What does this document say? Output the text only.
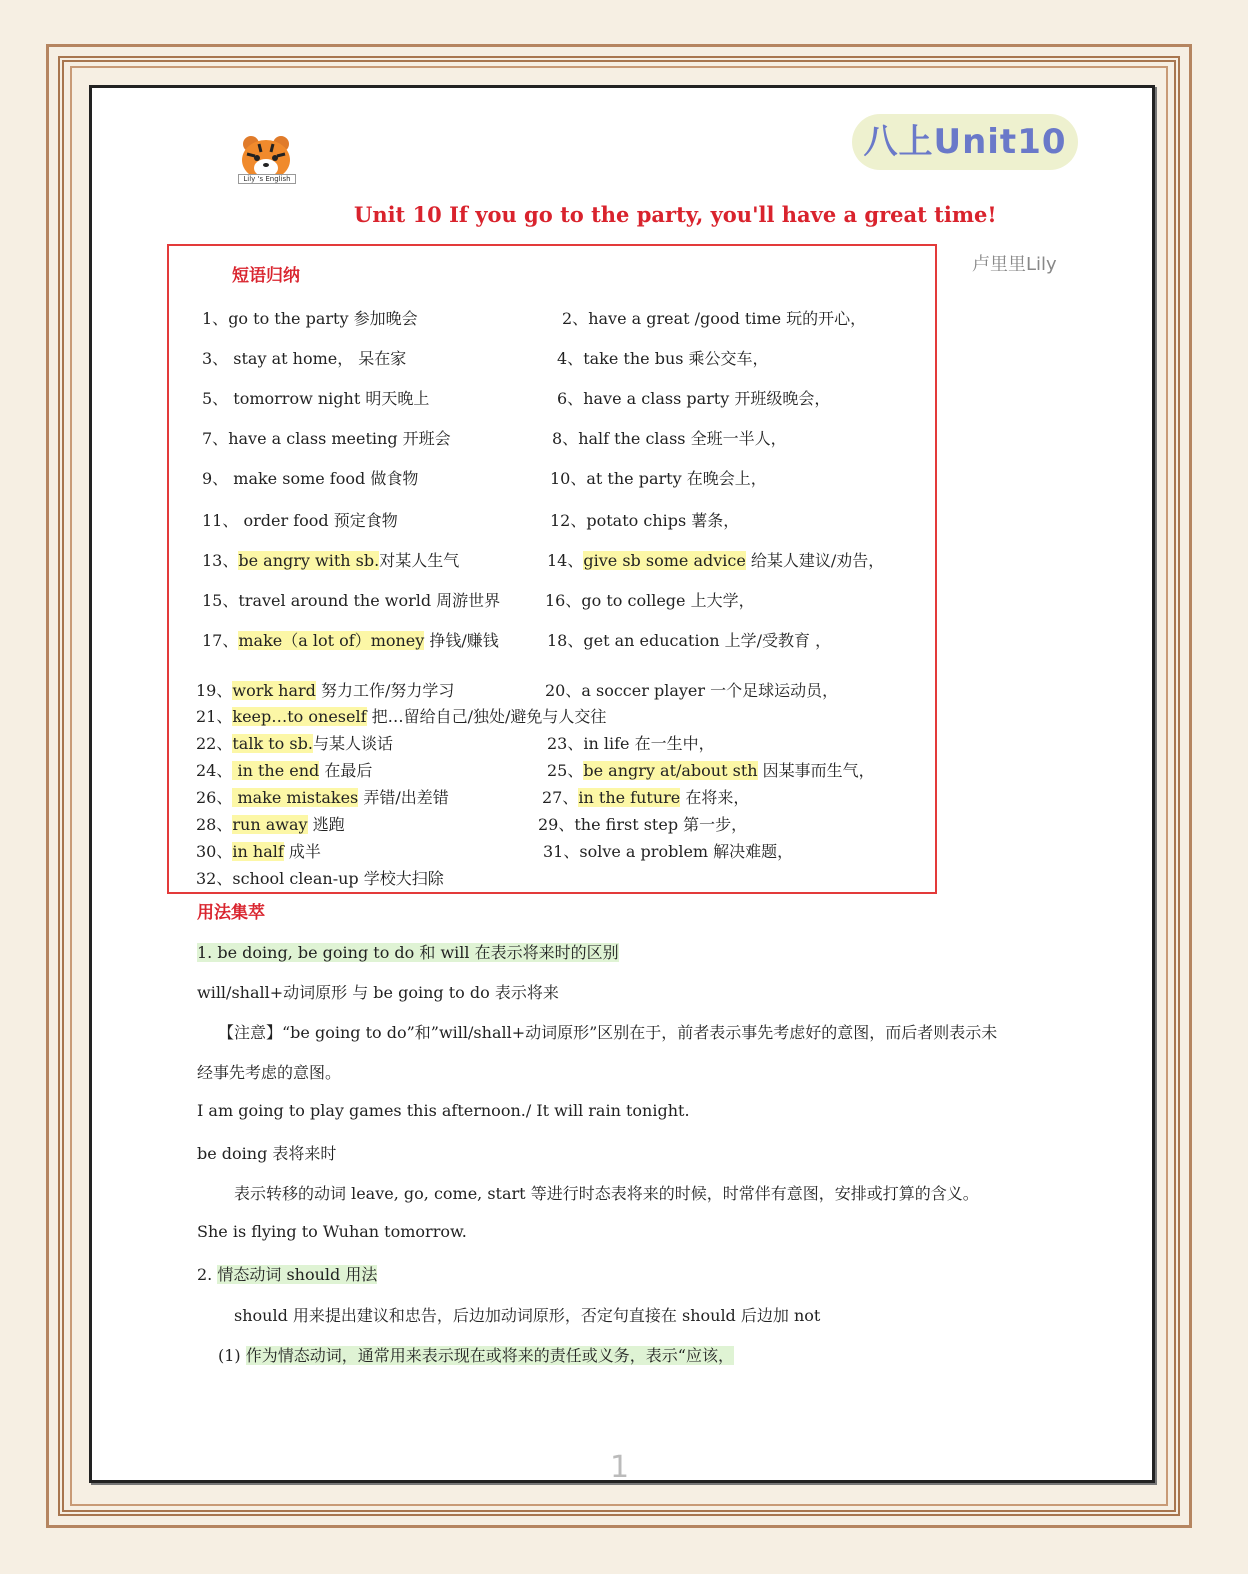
Lily 's English
八上Unit10
Unit 10 If you go to the party, you'll have a great time!
卢里里Lily
短语归纳
1、go to the party 参加晚会	2、have a great /good time 玩的开心，
3、 stay at home， 呆在家	4、take the bus 乘公交车，
5、 tomorrow night 明天晚上	6、have a class party 开班级晚会，
7、have a class meeting 开班会	8、half the class 全班一半人，
9、 make some food 做食物	10、at the party 在晚会上，
11、 order food 预定食物	12、potato chips 薯条，
13、be angry with sb.对某人生气	14、give sb some advice 给某人建议/劝告，
15、travel around the world 周游世界	16、go to college 上大学，
17、make（a lot of）money 挣钱/赚钱	18、get an education 上学/受教育 ，
19、work hard 努力工作/努力学习	20、a soccer player 一个足球运动员，
21、keep…to oneself 把…留给自己/独处/避免与人交往
22、talk to sb.与某人谈话	23、in life 在一生中，
24、 in the end 在最后	25、be angry at/about sth 因某事而生气，
26、 make mistakes 弄错/出差错	27、in the future 在将来，
28、run away 逃跑	29、the first step 第一步，
30、in half 成半	31、solve a problem 解决难题，
32、school clean-up 学校大扫除
用法集萃
1. be doing, be going to do 和 will 在表示将来时的区别
will/shall+动词原形 与 be going to do 表示将来
【注意】“be going to do”和”will/shall+动词原形”区别在于，前者表示事先考虑好的意图，而后者则表示未
经事先考虑的意图。
I am going to play games this afternoon./ It will rain tonight.
be doing 表将来时
表示转移的动词 leave, go, come, start 等进行时态表将来的时候，时常伴有意图，安排或打算的含义。
She is flying to Wuhan tomorrow.
2. 情态动词 should 用法
should 用来提出建议和忠告，后边加动词原形，否定句直接在 should 后边加 not
(1) 作为情态动词，通常用来表示现在或将来的责任或义务，表示“应该，
1
